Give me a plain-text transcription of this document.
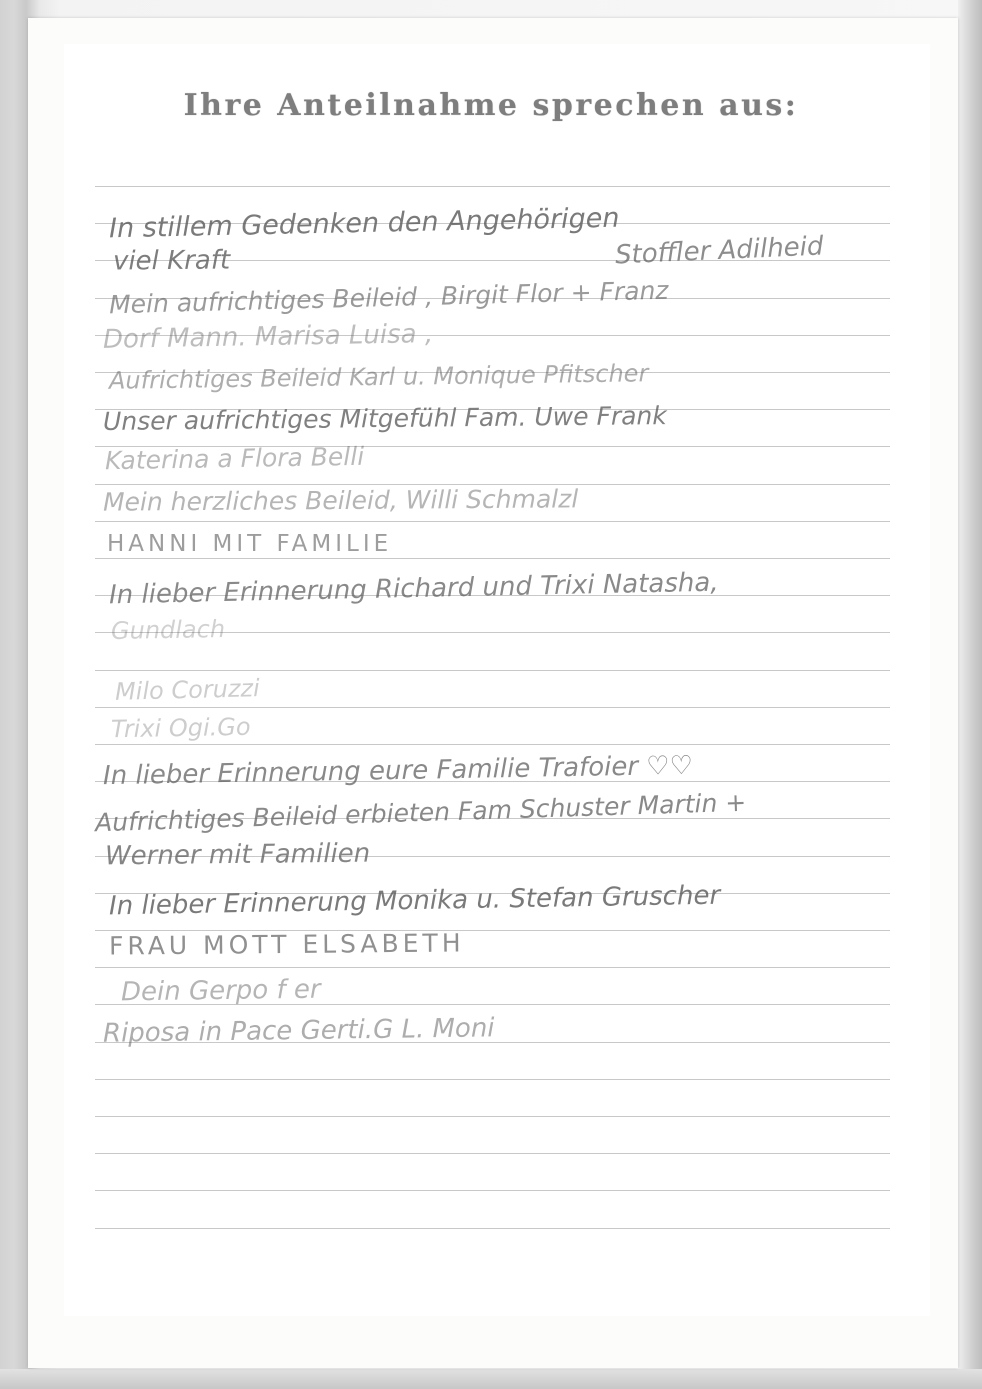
Ihre Anteilnahme sprechen aus:
In stillem Gedenken den Angehörigen
viel Kraft	Stoffler Adilheid
Mein aufrichtiges Beileid , Birgit Flor + Franz
Dorf Mann. Marisa Luisa ,
Aufrichtiges Beileid Karl u. Monique Pfitscher
Unser aufrichtiges Mitgefühl Fam. Uwe Frank
Katerina a Flora Belli
Mein herzliches Beileid, Willi Schmalzl
HANNI MIT FAMILIE
In lieber Erinnerung Richard und Trixi Natasha,
Gundlach
Milo Coruzzi
Trixi Ogi.Go
In lieber Erinnerung eure Familie Trafoier ♡♡
Aufrichtiges Beileid erbieten Fam Schuster Martin +
Werner mit Familien
In lieber Erinnerung Monika u. Stefan Gruscher
FRAU MOTT ELSABETH
Dein Gerpo f er
Riposa in Pace Gerti.G L. Moni
